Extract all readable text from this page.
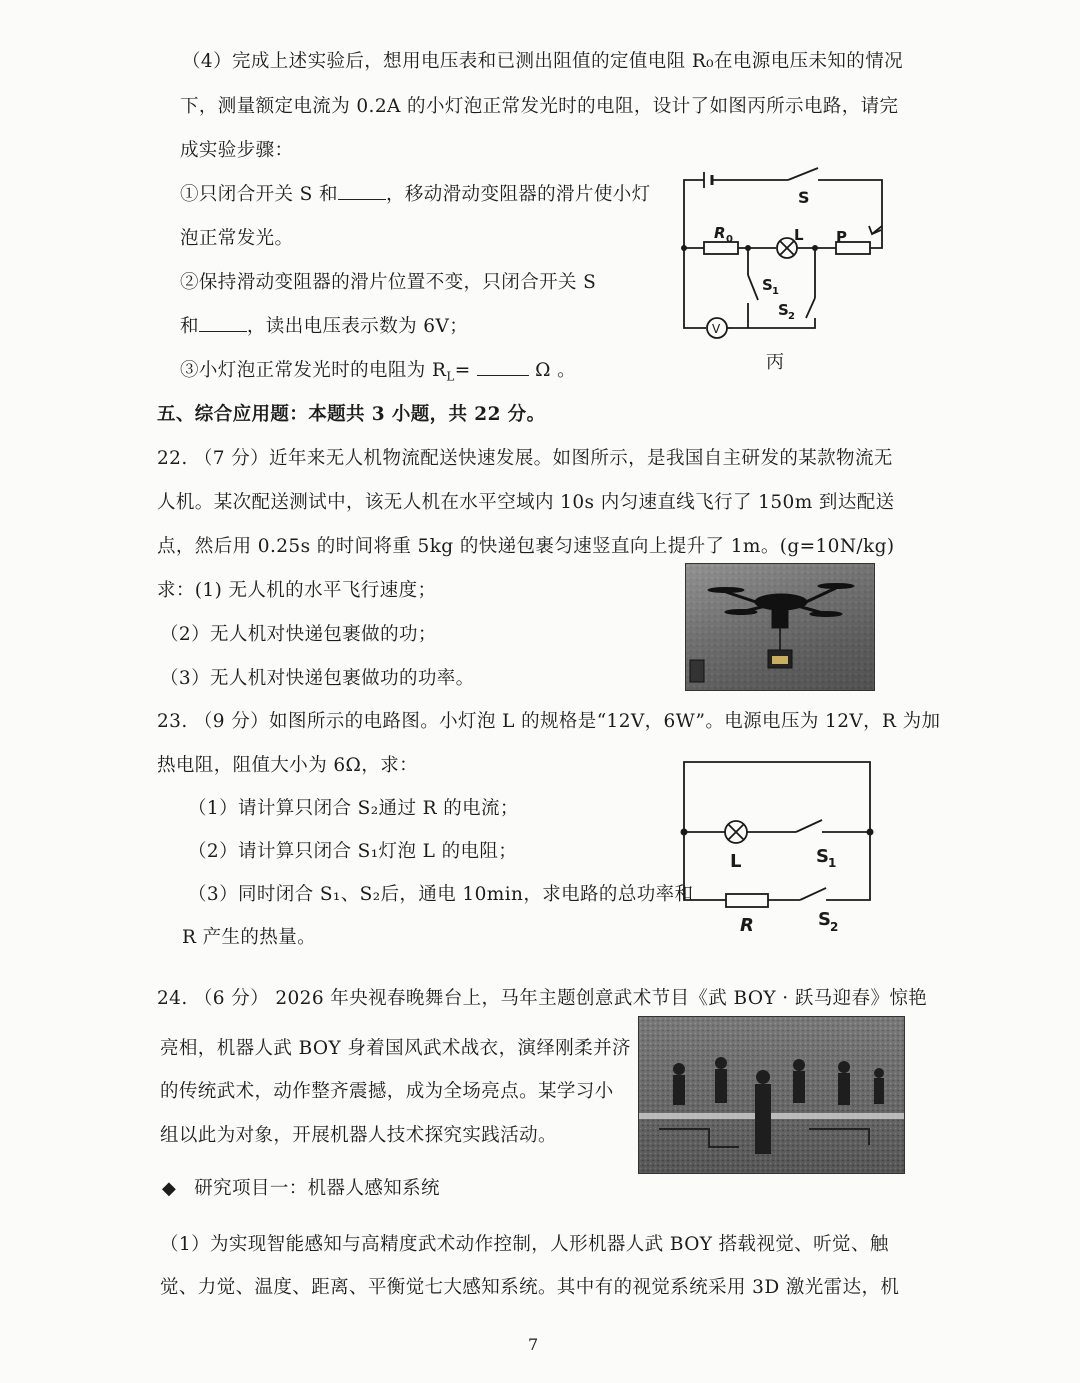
（4）完成上述实验后，想用电压表和已测出阻值的定值电阻 R₀在电源电压未知的情况
下，测量额定电流为 0.2A 的小灯泡正常发光时的电阻，设计了如图丙所示电路，请完
成实验步骤：
①只闭合开关 S 和	，移动滑动变阻器的滑片使小灯
泡正常发光。
②保持滑动变阻器的滑片位置不变，只闭合开关 S
和	，读出电压表示数为 6V；
③小灯泡正常发光时的电阻为 $R_L=$	Ω 。
S
R 0	L P
S 1
S 2
V
丙
五、综合应用题：本题共 3 小题，共 22 分。
22. （7 分）近年来无人机物流配送快速发展。如图所示，是我国自主研发的某款物流无
人机。某次配送测试中，该无人机在水平空域内 10s 内匀速直线飞行了 150m 到达配送
点，然后用 0.25s 的时间将重 5kg 的快递包裹匀速竖直向上提升了 1m。(g=10N/kg)
求：(1) 无人机的水平飞行速度；
（2）无人机对快递包裹做的功；
（3）无人机对快递包裹做功的功率。
23. （9 分）如图所示的电路图。小灯泡 L 的规格是“12V，6W”。电源电压为 12V，R 为加
热电阻，阻值大小为 6Ω，求：
（1）请计算只闭合 S₂通过 R 的电流；
（2）请计算只闭合 S₁灯泡 L 的电阻；
（3）同时闭合 S₁、S₂后，通电 10min，求电路的总功率和
R 产生的热量。
L	S 1
R	S 2
24. （6 分） 2026 年央视春晚舞台上，马年主题创意武术节目《武 BOY · 跃马迎春》惊艳
亮相，机器人武 BOY 身着国风武术战衣，演绎刚柔并济
的传统武术，动作整齐震撼，成为全场亮点。某学习小
组以此为对象，开展机器人技术探究实践活动。
◆ 研究项目一：机器人感知系统
（1）为实现智能感知与高精度武术动作控制，人形机器人武 BOY 搭载视觉、听觉、触
觉、力觉、温度、距离、平衡觉七大感知系统。其中有的视觉系统采用 3D 激光雷达，机
7
